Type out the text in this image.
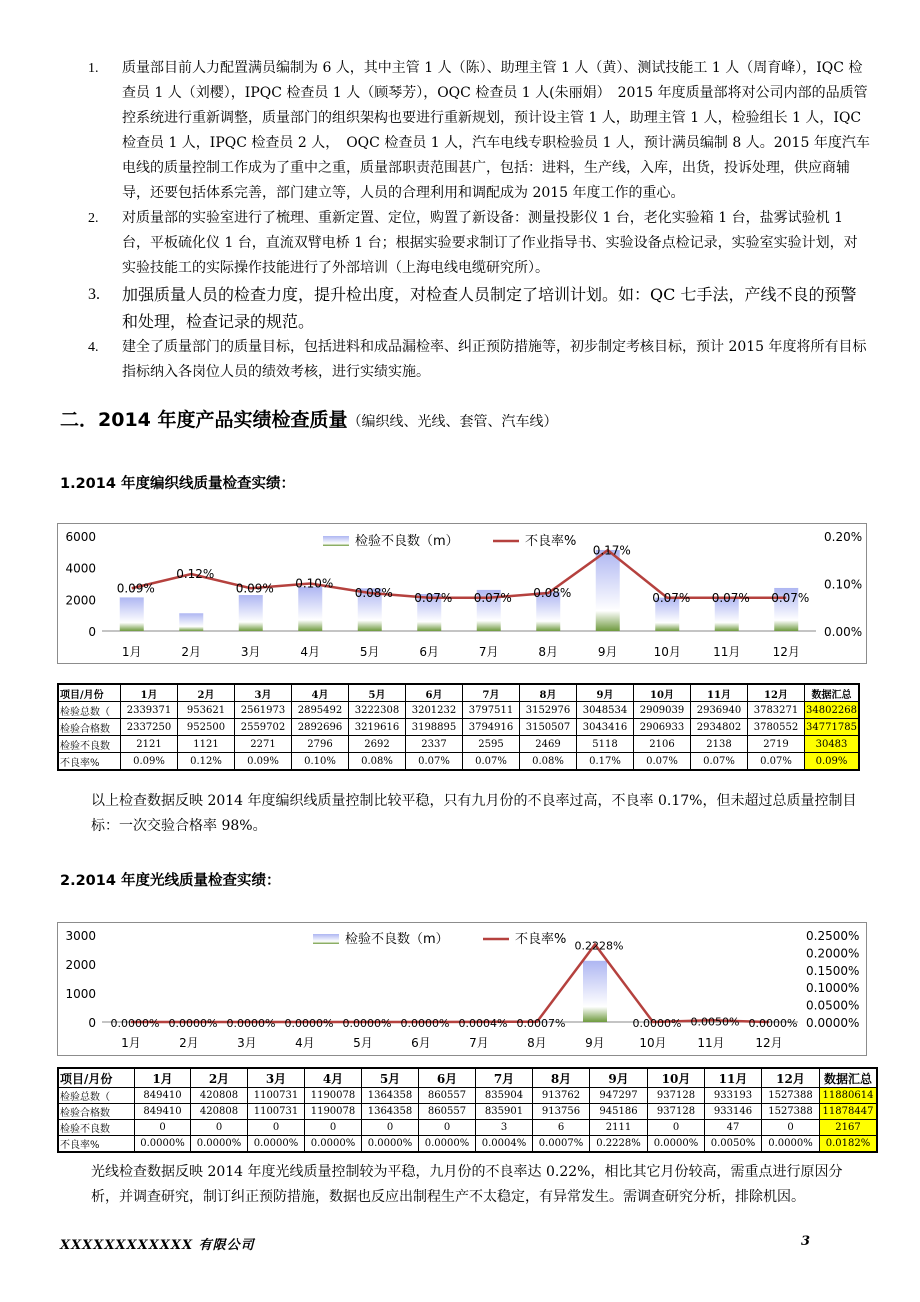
1. 质量部目前人力配置满员编制为 6 人，其中主管 1 人（陈）、助理主管 1 人（黄）、测试技能工 1 人（周育峰），IQC 检查员 1 人（刘樱），IPQC 检查员 1 人（顾琴芳），OQC 检查员 1 人(朱丽娟）　2015 年度质量部将对公司内部的品质管控系统进行重新调整，质量部门的组织架构也要进行重新规划，预计设主管 1 人，助理主管 1 人，检验组长 1 人，IQC 检查员 1 人，IPQC 检查员 2 人，　OQC 检查员 1 人，汽车电线专职检验员 1 人，预计满员编制 8 人。2015 年度汽车电线的质量控制工作成为了重中之重，质量部职责范围甚广，包括：进料，生产线，入库，出货，投诉处理，供应商辅导，还要包括体系完善，部门建立等，人员的合理利用和调配成为 2015 年度工作的重心。
2. 对质量部的实验室进行了梳理、重新定置、定位，购置了新设备：测量投影仪 1 台，老化实验箱 1 台，盐雾试验机 1 台，平板硫化仪 1 台，直流双臂电桥 1 台；根据实验要求制订了作业指导书、实验设备点检记录，实验室实验计划，对实验技能工的实际操作技能进行了外部培训（上海电线电缆研究所）。
3. 加强质量人员的检查力度，提升检出度，对检查人员制定了培训计划。如：QC 七手法，产线不良的预警和处理，检查记录的规范。
4. 建全了质量部门的质量目标，包括进料和成品漏检率、纠正预防措施等，初步制定考核目标，预计 2015 年度将所有目标指标纳入各岗位人员的绩效考核，进行实绩实施。
二．2014 年度产品实绩检查质量（编织线、光线、套管、汽车线）
1.2014 年度编织线质量检查实绩：
0
2000
4000
6000
0.00%
0.10%
0.20%
0.09%
0.12%
0.09% 0.10%
0.08% 0.07% 0.07% 0.08%
0.17%
0.07% 0.07% 0.07%
1月	2月	3月	4月	5月	6月	7月	8月	9月	10月	11月	12月
检验不良数（m）	不良率%
项目/月份	1月	2月	3月	4月	5月	6月	7月	8月	9月	10月	11月	12月	数据汇总
检验总数（	2339371	953621	2561973	2895492	3222308	3201232	3797511	3152976	3048534	2909039	2936940	3783271	34802268
检验合格数	2337250	952500	2559702	2892696	3219616	3198895	3794916	3150507	3043416	2906933	2934802	3780552	34771785
检验不良数	2121	1121	2271	2796	2692	2337	2595	2469	5118	2106	2138	2719	30483
不良率%	0.09%	0.12%	0.09%	0.10%	0.08%	0.07%	0.07%	0.08%	0.17%	0.07%	0.07%	0.07%	0.09%
以上检查数据反映 2014 年度编织线质量控制比较平稳，只有九月份的不良率过高，不良率 0.17%，但未超过总质量控制目标：一次交验合格率 98%。
2.2014 年度光线质量检查实绩：
0
1000
2000
3000
0.0000%
0.0500%
0.1000%
0.1500%
0.2000%
0.2500%
0.0000% 0.0000% 0.0000% 0.0000% 0.0000% 0.0000% 0.0004% 0.0007%
0.2228%
0.0000% 0.0050% 0.0000%
1月	2月	3月	4月	5月	6月	7月	8月	9月	10月	11月	12月
检验不良数（m）	不良率%
项目/月份	1月	2月	3月	4月	5月	6月	7月	8月	9月	10月	11月	12月	数据汇总
检验总数（	849410	420808	1100731	1190078	1364358	860557	835904	913762	947297	937128	933193	1527388	11880614
检验合格数	849410	420808	1100731	1190078	1364358	860557	835901	913756	945186	937128	933146	1527388	11878447
检验不良数	0	0	0	0	0	0	3	6	2111	0	47	0	2167
不良率%	0.0000%	0.0000%	0.0000%	0.0000%	0.0000%	0.0000%	0.0004%	0.0007%	0.2228%	0.0000%	0.0050%	0.0000%	0.0182%
光线检查数据反映 2014 年度光线质量控制较为平稳，九月份的不良率达 0.22%，相比其它月份较高，需重点进行原因分析，并调查研究，制订纠正预防措施，数据也反应出制程生产不太稳定，有异常发生。需调查研究分析，排除机因。
XXXXXXXXXXXX 有限公司	3
